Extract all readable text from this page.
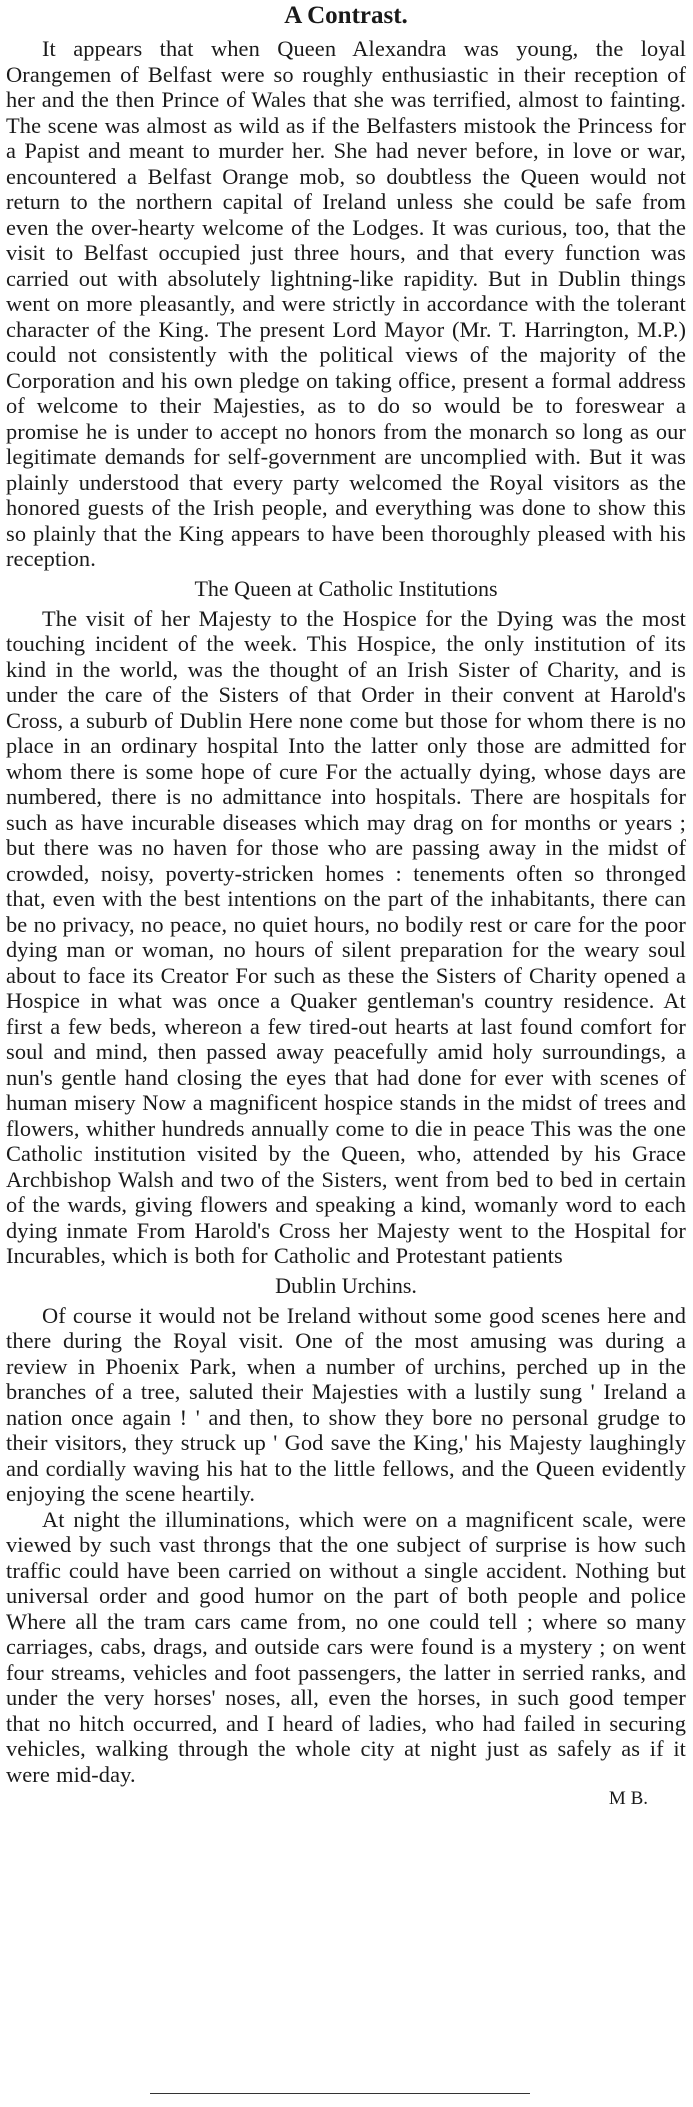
A Contrast.

It appears that when Queen Alexandra was young, the loyal Orangemen of Belfast were so roughly enthusiastic in their reception of her and the then Prince of Wales that she was terrified, almost to fainting. The scene was almost as wild as if the Belfasters mistook the Princess for a Papist and meant to murder her. She had never before, in love or war, encountered a Belfast Orange mob, so doubtless the Queen would not return to the northern capital of Ireland unless she could be safe from even the over-hearty welcome of the Lodges. It was curious, too, that the visit to Belfast occupied just three hours, and that every function was carried out with absolutely lightning-like rapidity. But in Dublin things went on more pleasantly, and were strictly in accordance with the tolerant character of the King. The present Lord Mayor (Mr. T. Harrington, M.P.) could not consistently with the political views of the majority of the Corporation and his own pledge on taking office, present a formal address of welcome to their Majesties, as to do so would be to foreswear a promise he is under to accept no honors from the monarch so long as our legitimate demands for self-government are uncomplied with. But it was plainly understood that every party welcomed the Royal visitors as the honored guests of the Irish people, and everything was done to show this so plainly that the King appears to have been thoroughly pleased with his reception.

The Queen at Catholic Institutions

The visit of her Majesty to the Hospice for the Dying was the most touching incident of the week. This Hospice, the only institution of its kind in the world, was the thought of an Irish Sister of Charity, and is under the care of the Sisters of that Order in their convent at Harold's Cross, a suburb of Dublin Here none come but those for whom there is no place in an ordinary hospital Into the latter only those are admitted for whom there is some hope of cure For the actually dying, whose days are numbered, there is no admittance into hospitals. There are hospitals for such as have incurable diseases which may drag on for months or years ; but there was no haven for those who are passing away in the midst of crowded, noisy, poverty-stricken homes : tenements often so thronged that, even with the best intentions on the part of the inhabitants, there can be no privacy, no peace, no quiet hours, no bodily rest or care for the poor dying man or woman, no hours of silent preparation for the weary soul about to face its Creator For such as these the Sisters of Charity opened a Hospice in what was once a Quaker gentleman's country residence. At first a few beds, whereon a few tired-out hearts at last found comfort for soul and mind, then passed away peacefully amid holy surroundings, a nun's gentle hand closing the eyes that had done for ever with scenes of human misery Now a magnificent hospice stands in the midst of trees and flowers, whither hundreds annually come to die in peace This was the one Catholic institution visited by the Queen, who, attended by his Grace Archbishop Walsh and two of the Sisters, went from bed to bed in certain of the wards, giving flowers and speaking a kind, womanly word to each dying inmate From Harold's Cross her Majesty went to the Hospital for Incurables, which is both for Catholic and Protestant patients

Dublin Urchins.

Of course it would not be Ireland without some good scenes here and there during the Royal visit. One of the most amusing was during a review in Phoenix Park, when a number of urchins, perched up in the branches of a tree, saluted their Majesties with a lustily sung ' Ireland a nation once again ! ' and then, to show they bore no personal grudge to their visitors, they struck up ' God save the King,' his Majesty laughingly and cordially waving his hat to the little fellows, and the Queen evidently enjoying the scene heartily.

At night the illuminations, which were on a magnificent scale, were viewed by such vast throngs that the one subject of surprise is how such traffic could have been carried on without a single accident. Nothing but universal order and good humor on the part of both people and police Where all the tram cars came from, no one could tell ; where so many carriages, cabs, drags, and outside cars were found is a mystery ; on went four streams, vehicles and foot passengers, the latter in serried ranks, and under the very horses' noses, all, even the horses, in such good temper that no hitch occurred, and I heard of ladies, who had failed in securing vehicles, walking through the whole city at night just as safely as if it were mid-day.

M B.
